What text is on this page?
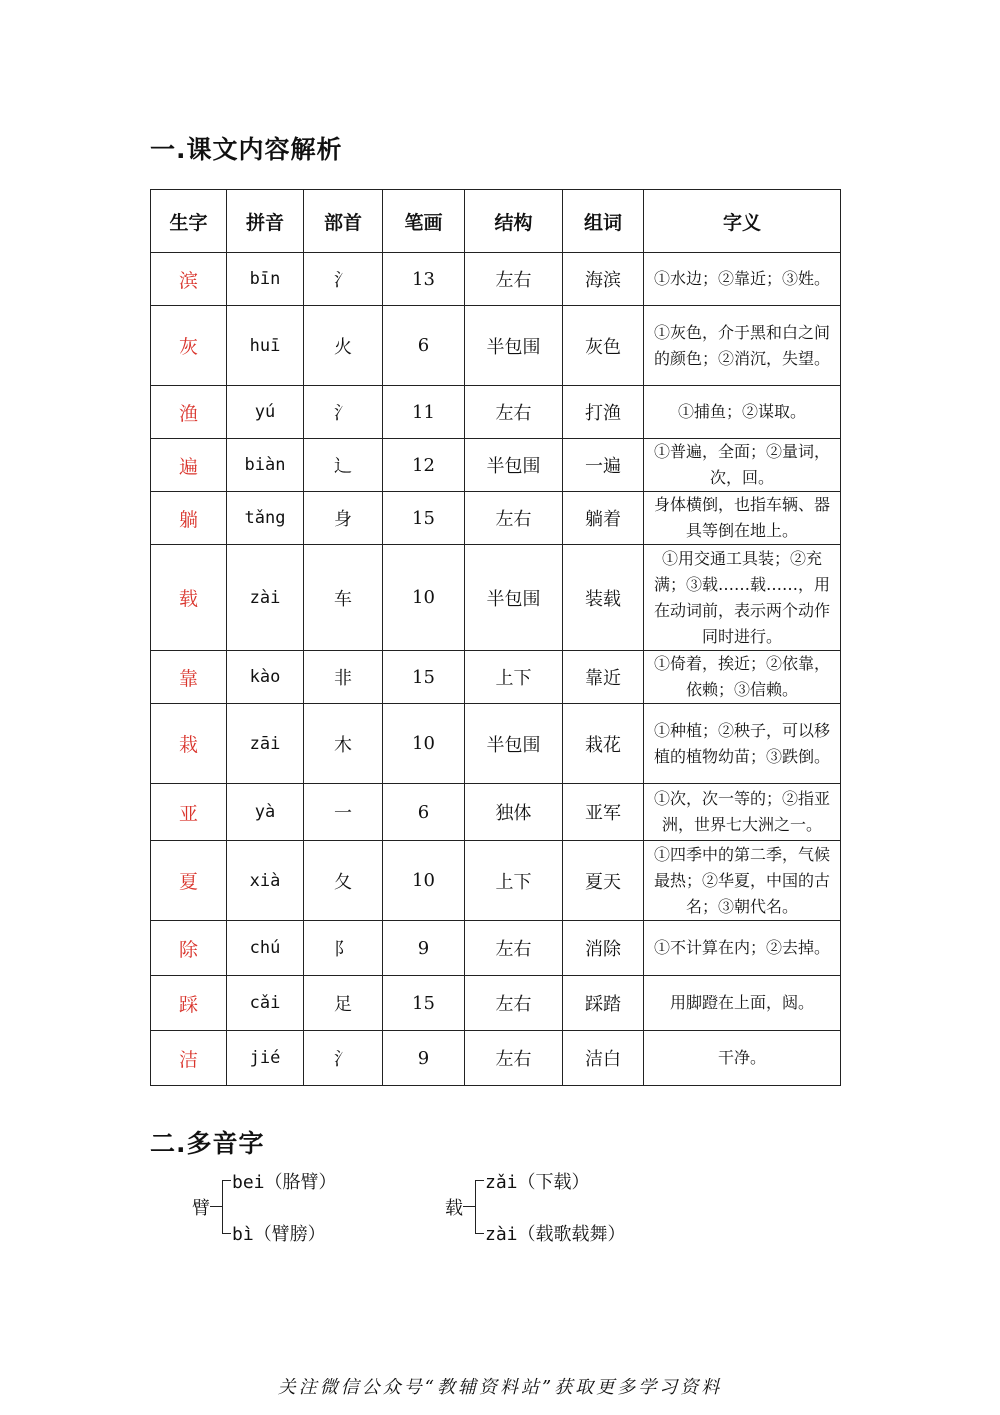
一.课文内容解析
生字	拼音	部首	笔画	结构	组词	字义
滨	bīn	氵	13	左右	海滨	①水边；②靠近；③姓。
灰	huī	火	6	半包围	灰色	①灰色，介于黑和白之间的颜色；②消沉，失望。
渔	yú	氵	11	左右	打渔	①捕鱼；②谋取。
遍	biàn	辶	12	半包围	一遍	①普遍，全面；②量词，次，回。
躺	tǎng	身	15	左右	躺着	身体横倒，也指车辆、器具等倒在地上。
载	zài	车	10	半包围	装载	①用交通工具装；②充满；③载……载……，用在动词前，表示两个动作同时进行。
靠	kào	非	15	上下	靠近	①倚着，挨近；②依靠，依赖；③信赖。
栽	zāi	木	10	半包围	栽花	①种植；②秧子，可以移植的植物幼苗；③跌倒。
亚	yà	一	6	独体	亚军	①次，次一等的；②指亚洲，世界七大洲之一。
夏	xià	夂	10	上下	夏天	①四季中的第二季，气候最热；②华夏，中国的古名；③朝代名。
除	chú	阝	9	左右	消除	①不计算在内；②去掉。
踩	cǎi	足	15	左右	踩踏	用脚蹬在上面，闼。
洁	jié	氵	9	左右	洁白	干净。
二.多音字
臂
bei（胳臂）
bì（臂膀）
载
zǎi（下载）
zài（载歌载舞）
关注微信公众号“教辅资料站”获取更多学习资料
